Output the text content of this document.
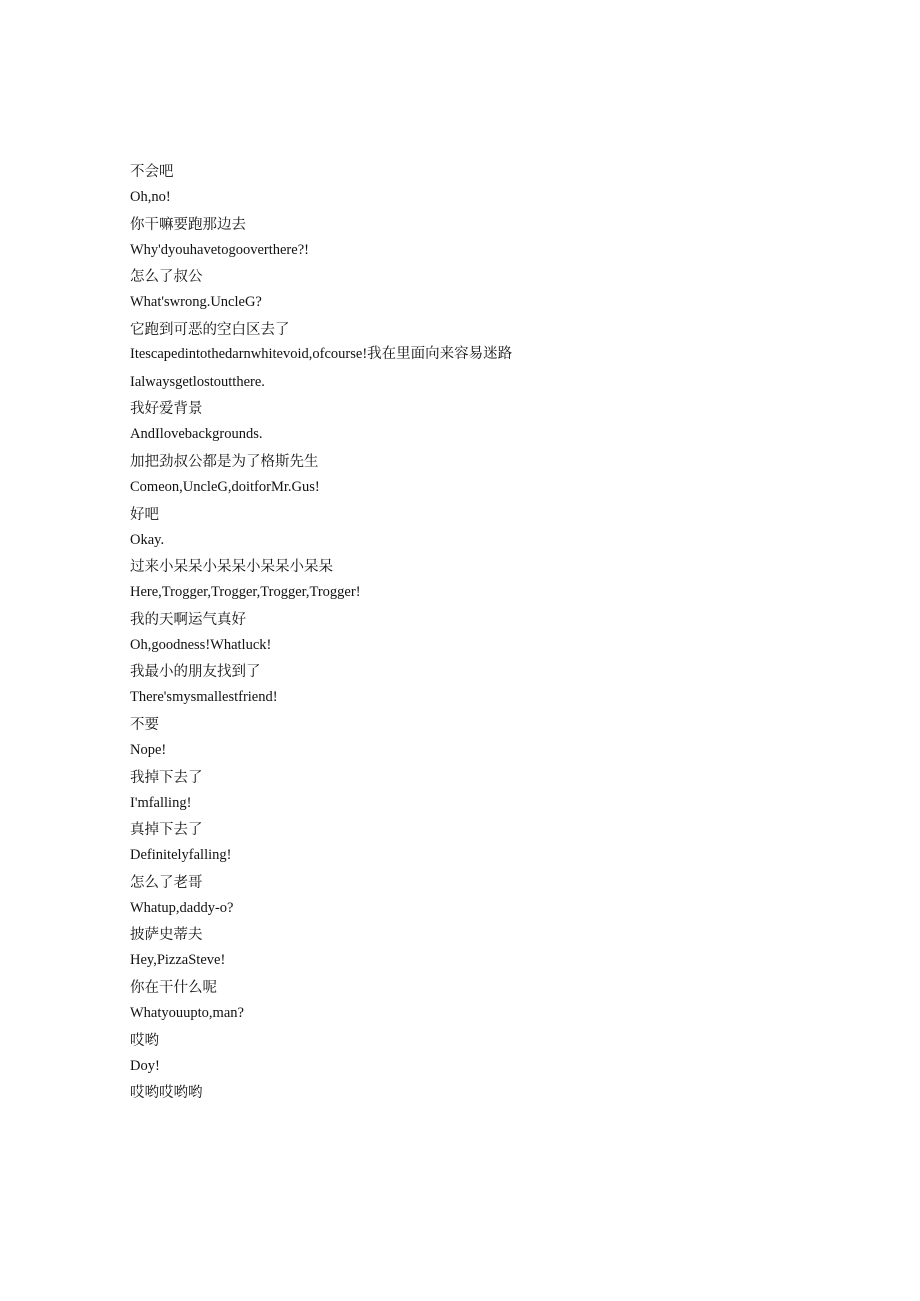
不会吧
Oh,no!
你干嘛要跑那边去
Why'dyouhavetogooverthere?!
怎么了叔公
What'swrong.UncleG?
它跑到可恶的空白区去了
Itescapedintothedarnwhitevoid,ofcourse!我在里面向来容易迷路
Ialwaysgetlostoutthere.
我好爱背景
AndIlovebackgrounds.
加把劲叔公都是为了格斯先生
Comeon,UncleG,doitforMr.Gus!
好吧
Okay.
过来小呆呆小呆呆小呆呆小呆呆
Here,Trogger,Trogger,Trogger,Trogger!
我的天啊运气真好
Oh,goodness!Whatluck!
我最小的朋友找到了
There'smysmallestfriend!
不要
Nope!
我掉下去了
I'mfalling!
真掉下去了
Definitelyfalling!
怎么了老哥
Whatup,daddy-o?
披萨史蒂夫
Hey,PizzaSteve!
你在干什么呢
Whatyouupto,man?
哎哟
Doy!
哎哟哎哟哟
